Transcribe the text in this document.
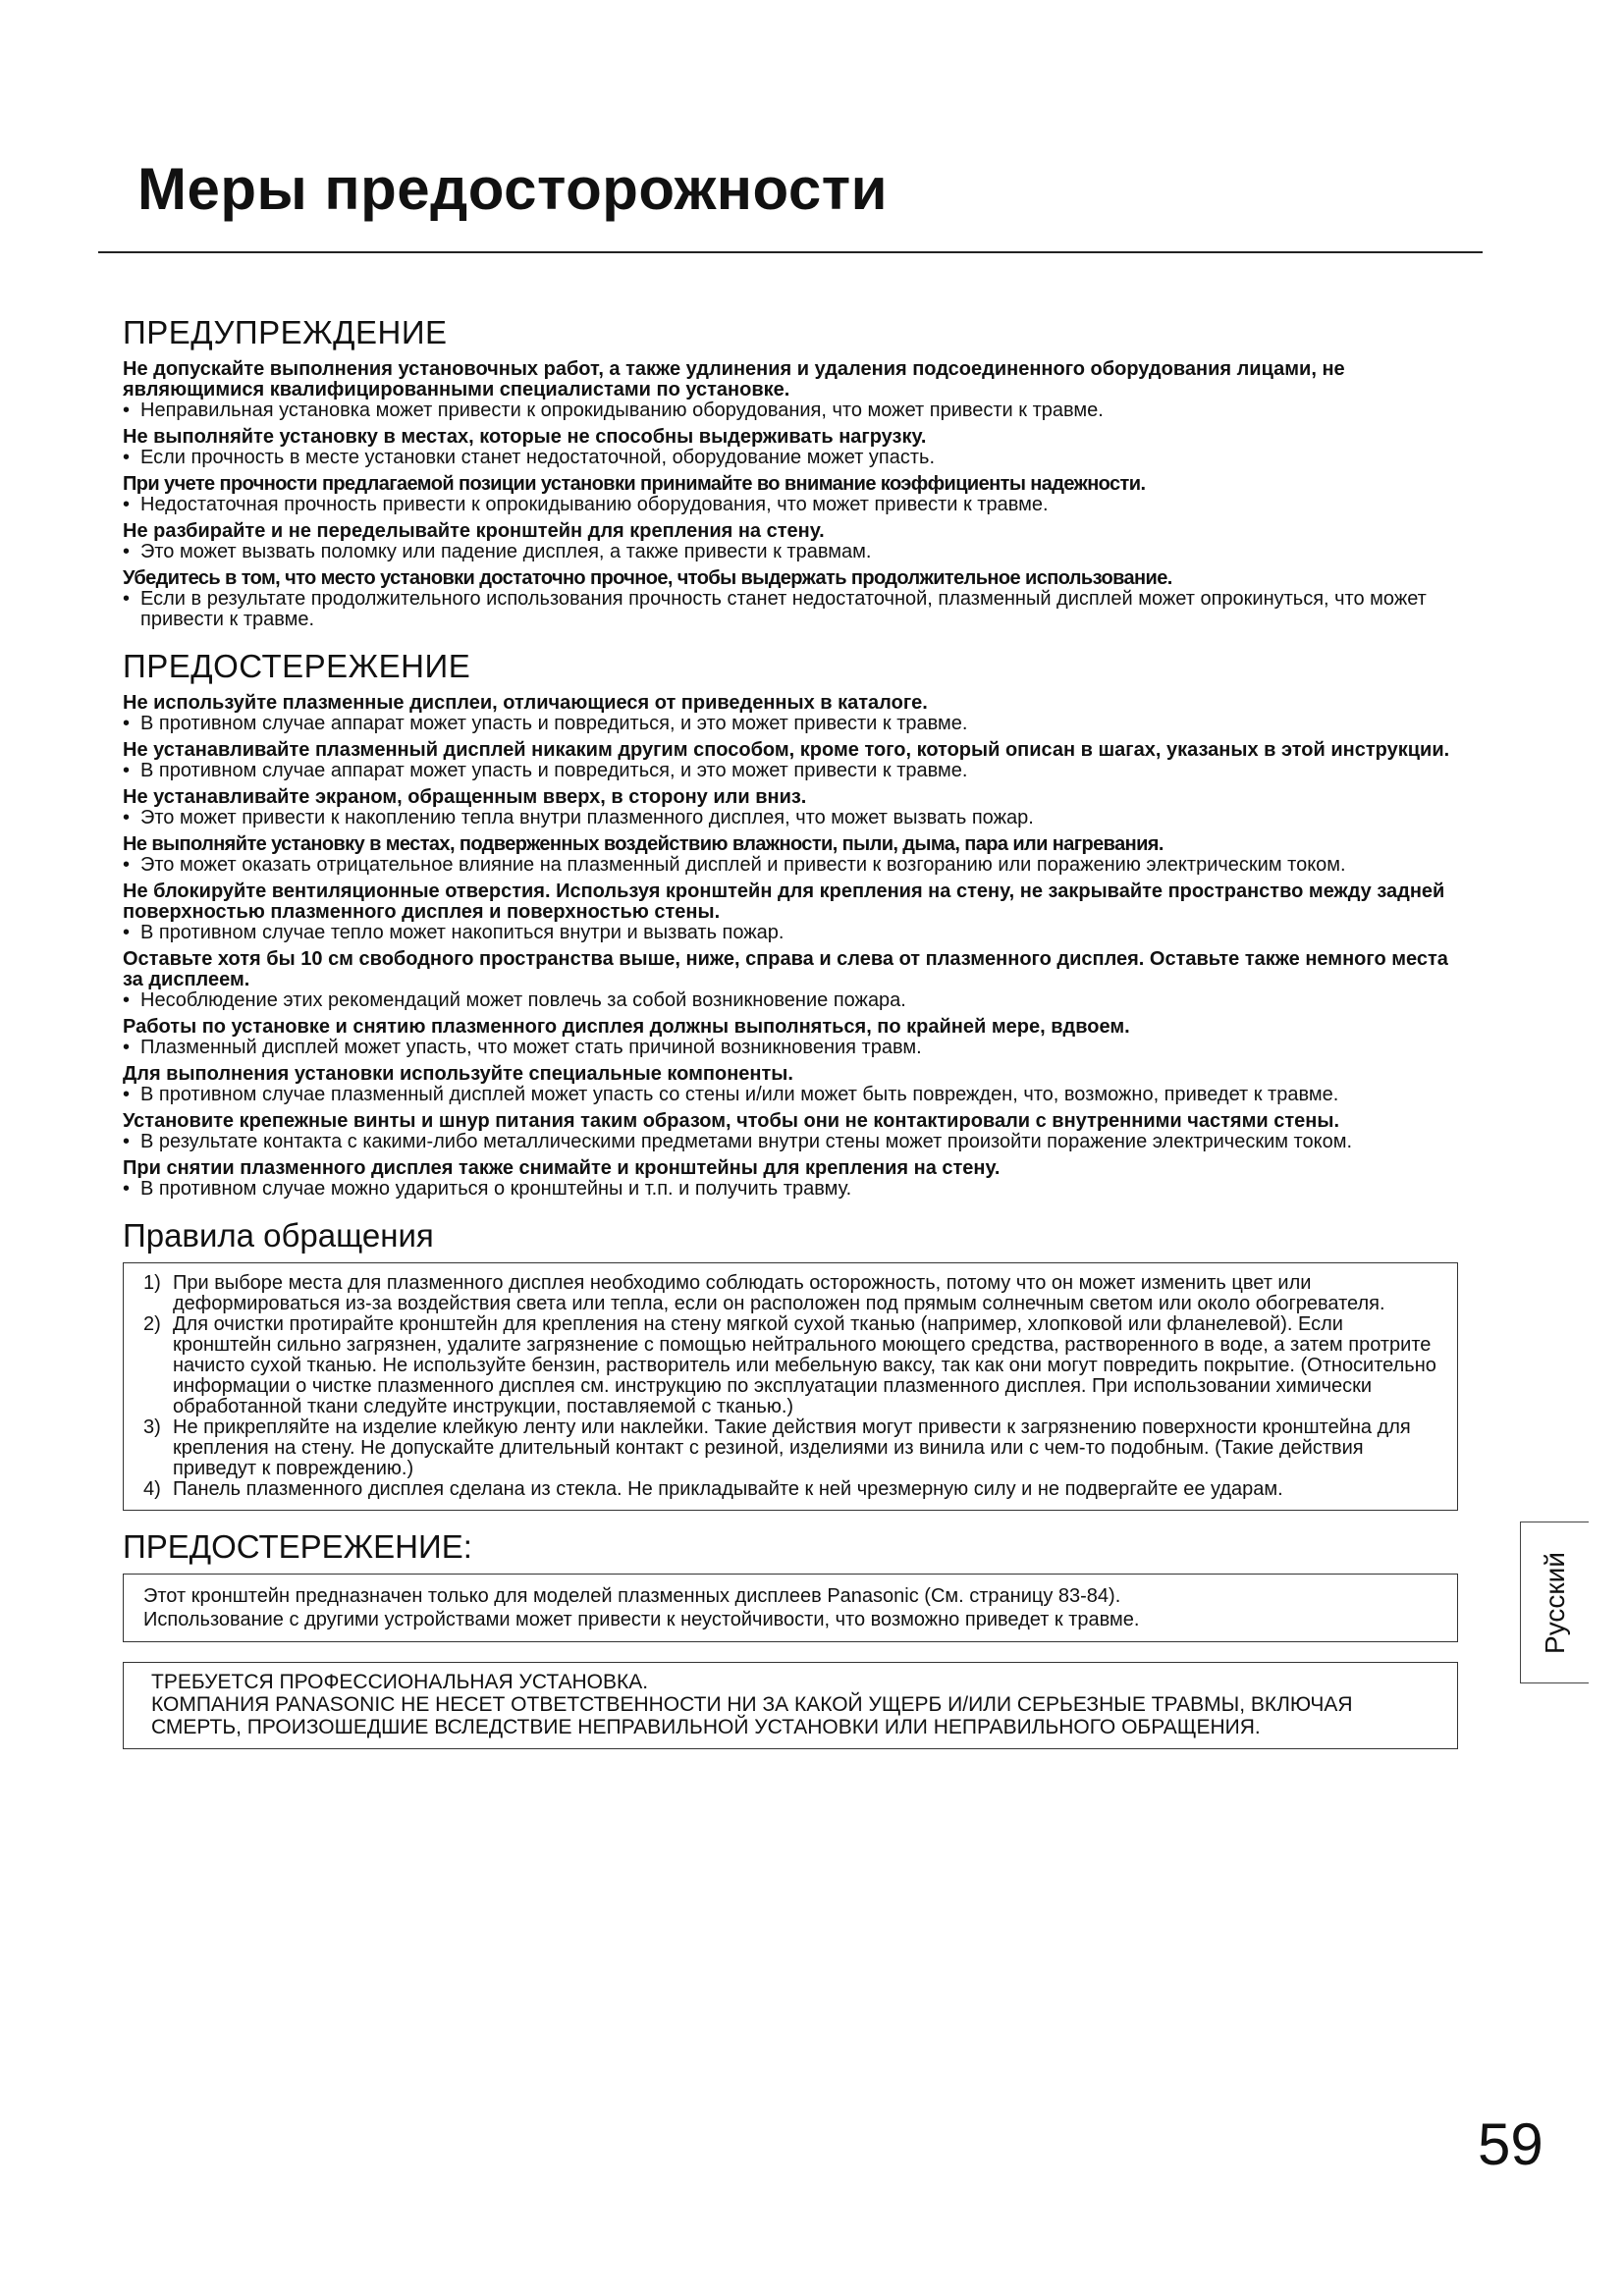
Меры предосторожности
ПРЕДУПРЕЖДЕНИЕ

Не допускайте выполнения установочных работ, а также удлинения и удаления подсоединенного оборудования лицами, не являющимися квалифицированными специалистами по установке.

• Неправильная установка может привести к опрокидыванию оборудования, что может привести к травме.

Не выполняйте установку в местах, которые не способны выдерживать нагрузку.

• Если прочность в месте установки станет недостаточной, оборудование может упасть.

При учете прочности предлагаемой позиции установки принимайте во внимание коэффициенты надежности.

• Недостаточная прочность привести к опрокидыванию оборудования, что может привести к травме.

Не разбирайте и не переделывайте кронштейн для крепления на стену.

• Это может вызвать поломку или падение дисплея, а также привести к травмам.

Убедитесь в том, что место установки достаточно прочное, чтобы выдержать продолжительное использование.

• Если в результате продолжительного использования прочность станет недостаточной, плазменный дисплей может опрокинуться, что может привести к травме.

ПРЕДОСТЕРЕЖЕНИЕ

Не используйте плазменные дисплеи, отличающиеся от приведенных в каталоге.

• В противном случае аппарат может упасть и повредиться, и это может привести к травме.

Не устанавливайте плазменный дисплей никаким другим способом, кроме того, который описан в шагах, указаных в этой инструкции.

• В противном случае аппарат может упасть и повредиться, и это может привести к травме.

Не устанавливайте экраном, обращенным вверх, в сторону или вниз.

• Это может привести к накоплению тепла внутри плазменного дисплея, что может вызвать пожар.

Не выполняйте установку в местах, подверженных воздействию влажности, пыли, дыма, пара или нагревания.

• Это может оказать отрицательное влияние на плазменный дисплей и привести к возгоранию или поражению электрическим током.

Не блокируйте вентиляционные отверстия. Используя кронштейн для крепления на стену, не закрывайте пространство между задней поверхностью плазменного дисплея и поверхностью стены.

• В противном случае тепло может накопиться внутри и вызвать пожар.

Оставьте хотя бы 10 см свободного пространства выше, ниже, справа и слева от плазменного дисплея. Оставьте также немного места за дисплеем.

• Несоблюдение этих рекомендаций может повлечь за собой возникновение пожара.

Работы по установке и снятию плазменного дисплея должны выполняться, по крайней мере, вдвоем.

• Плазменный дисплей может упасть, что может стать причиной возникновения травм.

Для выполнения установки используйте специальные компоненты.

• В противном случае плазменный дисплей может упасть со стены и/или может быть поврежден, что, возможно, приведет к травме.

Установите крепежные винты и шнур питания таким образом, чтобы они не контактировали с внутренними частями стены.

• В результате контакта с какими-либо металлическими предметами внутри стены может произойти поражение электрическим током.

При снятии плазменного дисплея также снимайте и кронштейны для крепления на стену.

• В противном случае можно удариться о кронштейны и т.п. и получить травму.

Правила обращения
1) При выборе места для плазменного дисплея необходимо соблюдать осторожность, потому что он может изменить цвет или деформироваться из-за воздействия света или тепла, если он расположен под прямым солнечным светом или около обогревателя.
2) Для очистки протирайте кронштейн для крепления на стену мягкой сухой тканью (например, хлопковой или фланелевой). Если кронштейн сильно загрязнен, удалите загрязнение с помощью нейтрального моющего средства, растворенного в воде, а затем протрите начисто сухой тканью. Не используйте бензин, растворитель или мебельную ваксу, так как они могут повредить покрытие. (Относительно информации о чистке плазменного дисплея см. инструкцию по эксплуатации плазменного дисплея. При использовании химически обработанной ткани следуйте инструкции, поставляемой с тканью.)
3) Не прикрепляйте на изделие клейкую ленту или наклейки. Такие действия могут привести к загрязнению поверхности кронштейна для крепления на стену. Не допускайте длительный контакт с резиной, изделиями из винила или с чем-то подобным. (Такие действия приведут к повреждению.)
4) Панель плазменного дисплея сделана из стекла. Не прикладывайте к ней чрезмерную силу и не подвергайте ее ударам.
ПРЕДОСТЕРЕЖЕНИЕ:

Этот кронштейн предназначен только для моделей плазменных дисплеев Panasonic (См. страницу 83-84).

Использование с другими устройствами может привести к неустойчивости, что возможно приведет к травме.

ТРЕБУЕТСЯ ПРОФЕССИОНАЛЬНАЯ УСТАНОВКА.

КОМПАНИЯ PANASONIC НЕ НЕСЕТ ОТВЕТСТВЕННОСТИ НИ ЗА КАКОЙ УЩЕРБ И/ИЛИ СЕРЬЕЗНЫЕ ТРАВМЫ, ВКЛЮЧАЯ СМЕРТЬ, ПРОИЗОШЕДШИЕ ВСЛЕДСТВИЕ НЕПРАВИЛЬНОЙ УСТАНОВКИ ИЛИ НЕПРАВИЛЬНОГО ОБРАЩЕНИЯ.

Русский
59
